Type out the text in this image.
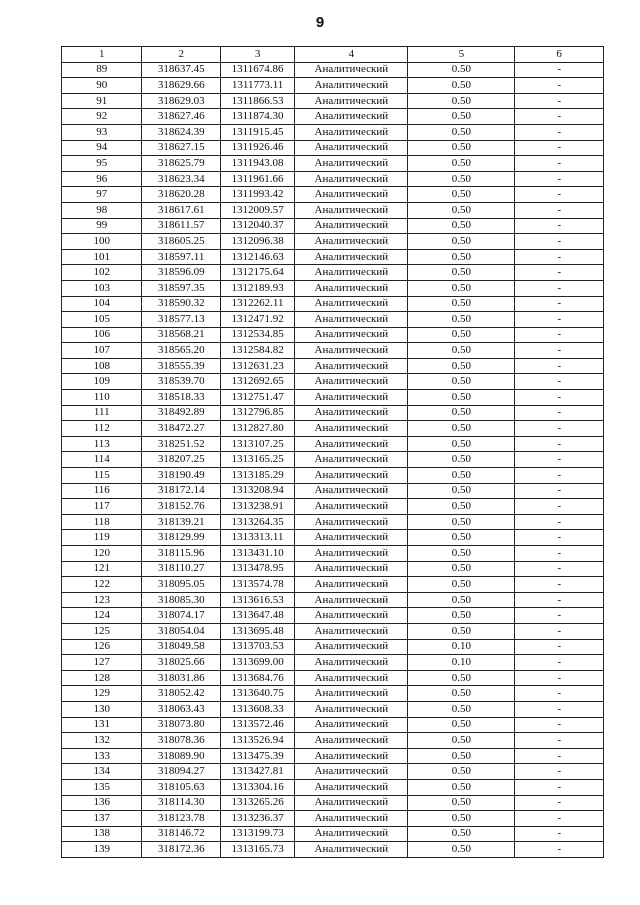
9
1	2	3	4	5	6
89	318637.45	1311674.86	Аналитический	0.50	-
90	318629.66	1311773.11	Аналитический	0.50	-
91	318629.03	1311866.53	Аналитический	0.50	-
92	318627.46	1311874.30	Аналитический	0.50	-
93	318624.39	1311915.45	Аналитический	0.50	-
94	318627.15	1311926.46	Аналитический	0.50	-
95	318625.79	1311943.08	Аналитический	0.50	-
96	318623.34	1311961.66	Аналитический	0.50	-
97	318620.28	1311993.42	Аналитический	0.50	-
98	318617.61	1312009.57	Аналитический	0.50	-
99	318611.57	1312040.37	Аналитический	0.50	-
100	318605.25	1312096.38	Аналитический	0.50	-
101	318597.11	1312146.63	Аналитический	0.50	-
102	318596.09	1312175.64	Аналитический	0.50	-
103	318597.35	1312189.93	Аналитический	0.50	-
104	318590.32	1312262.11	Аналитический	0.50	-
105	318577.13	1312471.92	Аналитический	0.50	-
106	318568.21	1312534.85	Аналитический	0.50	-
107	318565.20	1312584.82	Аналитический	0.50	-
108	318555.39	1312631.23	Аналитический	0.50	-
109	318539.70	1312692.65	Аналитический	0.50	-
110	318518.33	1312751.47	Аналитический	0.50	-
111	318492.89	1312796.85	Аналитический	0.50	-
112	318472.27	1312827.80	Аналитический	0.50	-
113	318251.52	1313107.25	Аналитический	0.50	-
114	318207.25	1313165.25	Аналитический	0.50	-
115	318190.49	1313185.29	Аналитический	0.50	-
116	318172.14	1313208.94	Аналитический	0.50	-
117	318152.76	1313238.91	Аналитический	0.50	-
118	318139.21	1313264.35	Аналитический	0.50	-
119	318129.99	1313313.11	Аналитический	0.50	-
120	318115.96	1313431.10	Аналитический	0.50	-
121	318110.27	1313478.95	Аналитический	0.50	-
122	318095.05	1313574.78	Аналитический	0.50	-
123	318085.30	1313616.53	Аналитический	0.50	-
124	318074.17	1313647.48	Аналитический	0.50	-
125	318054.04	1313695.48	Аналитический	0.50	-
126	318049.58	1313703.53	Аналитический	0.10	-
127	318025.66	1313699.00	Аналитический	0.10	-
128	318031.86	1313684.76	Аналитический	0.50	-
129	318052.42	1313640.75	Аналитический	0.50	-
130	318063.43	1313608.33	Аналитический	0.50	-
131	318073.80	1313572.46	Аналитический	0.50	-
132	318078.36	1313526.94	Аналитический	0.50	-
133	318089.90	1313475.39	Аналитический	0.50	-
134	318094.27	1313427.81	Аналитический	0.50	-
135	318105.63	1313304.16	Аналитический	0.50	-
136	318114.30	1313265.26	Аналитический	0.50	-
137	318123.78	1313236.37	Аналитический	0.50	-
138	318146.72	1313199.73	Аналитический	0.50	-
139	318172.36	1313165.73	Аналитический	0.50	-
